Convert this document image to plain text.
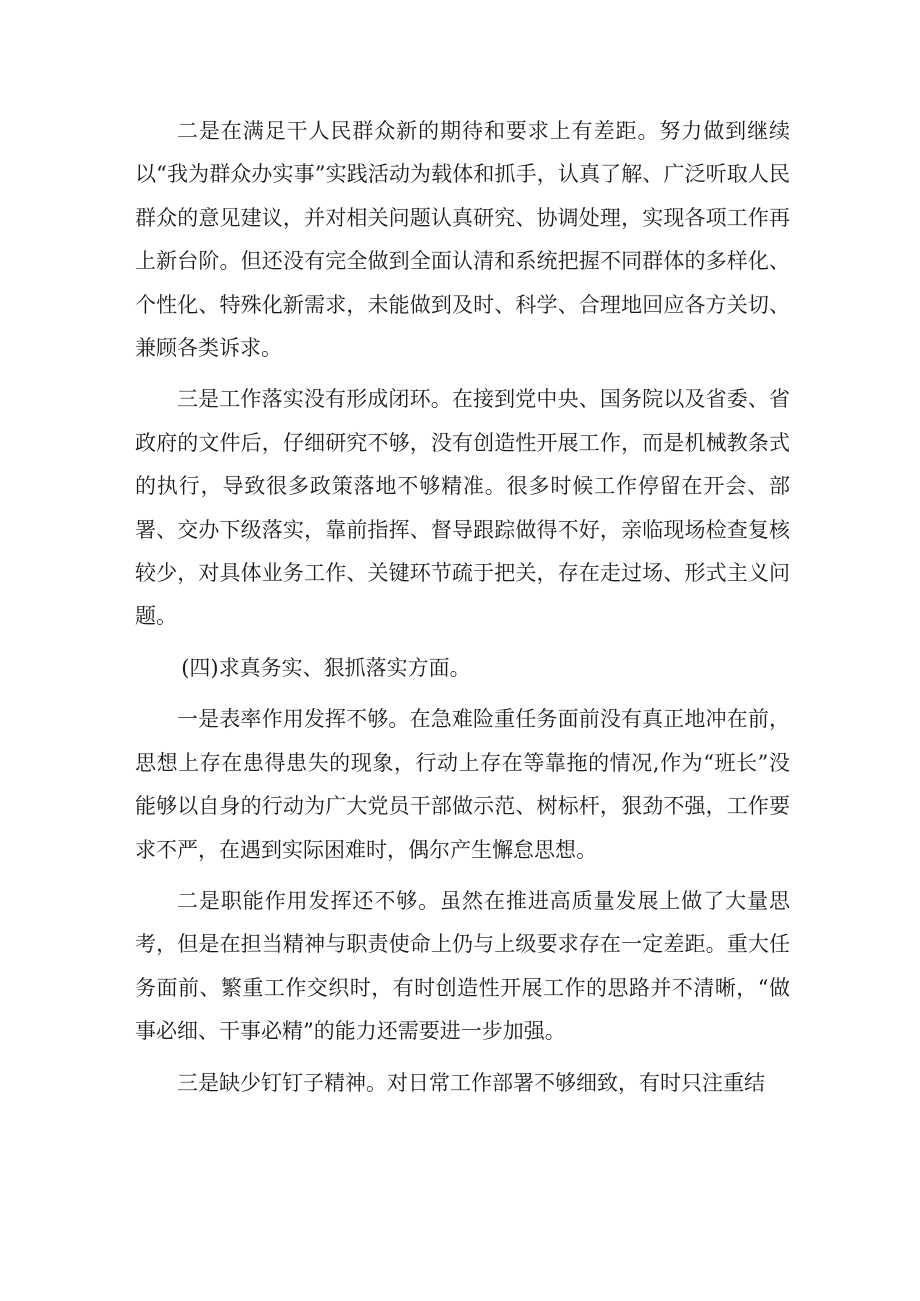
二是在满足干人民群众新的期待和要求上有差距。努力做到继续以“我为群众办实事”实践活动为载体和抓手，认真了解、广泛听取人民群众的意见建议，并对相关问题认真研究、协调处理，实现各项工作再上新台阶。但还没有完全做到全面认清和系统把握不同群体的多样化、个性化、特殊化新需求，未能做到及时、科学、合理地回应各方关切、兼顾各类诉求。

三是工作落实没有形成闭环。在接到党中央、国务院以及省委、省政府的文件后，仔细研究不够，没有创造性开展工作，而是机械教条式的执行，导致很多政策落地不够精准。很多时候工作停留在开会、部署、交办下级落实，靠前指挥、督导跟踪做得不好，亲临现场检查复核较少，对具体业务工作、关键环节疏于把关，存在走过场、形式主义问题。

(四)求真务实、狠抓落实方面。

一是表率作用发挥不够。在急难险重任务面前没有真正地冲在前，思想上存在患得患失的现象，行动上存在等靠拖的情况,作为“班长”没能够以自身的行动为广大党员干部做示范、树标杆，狠劲不强，工作要求不严，在遇到实际困难时，偶尔产生懈怠思想。

二是职能作用发挥还不够。虽然在推进高质量发展上做了大量思考，但是在担当精神与职责使命上仍与上级要求存在一定差距。重大任务面前、繁重工作交织时，有时创造性开展工作的思路并不清晰，“做事必细、干事必精”的能力还需要进一步加强。

三是缺少钉钉子精神。对日常工作部署不够细致，有时只注重结
